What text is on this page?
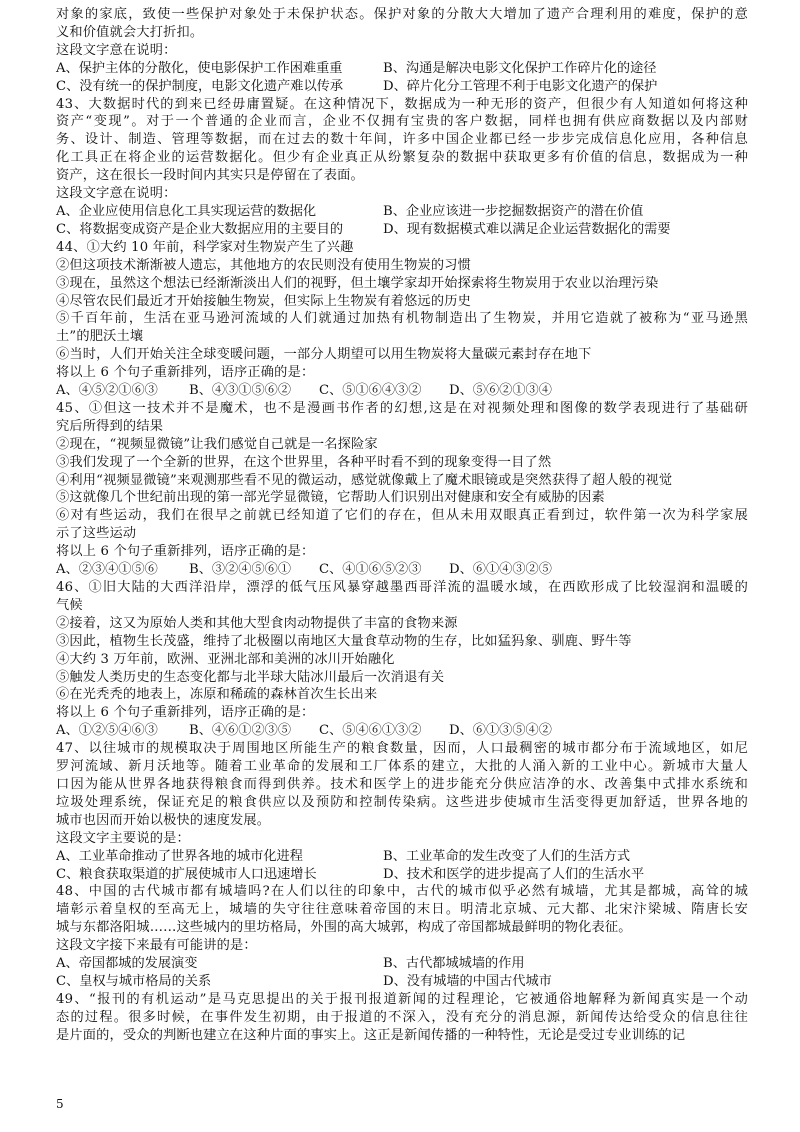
对象的家底，致使一些保护对象处于未保护状态。保护对象的分散大大增加了遗产合理利用的难度，保护的意
义和价值就会大打折扣。
这段文字意在说明：
A、保护主体的分散化，使电影保护工作困难重重	B、沟通是解决电影文化保护工作碎片化的途径
C、没有统一的保护制度，电影文化遗产难以传承	D、碎片化分工管理不利于电影文化遗产的保护
43、大数据时代的到来已经毋庸置疑。在这种情况下，数据成为一种无形的资产，但很少有人知道如何将这种
资产“变现”。对于一个普通的企业而言，企业不仅拥有宝贵的客户数据，同样也拥有供应商数据以及内部财
务、设计、制造、管理等数据，而在过去的数十年间，许多中国企业都已经一步步完成信息化应用，各种信息
化工具正在将企业的运营数据化。但少有企业真正从纷繁复杂的数据中获取更多有价值的信息，数据成为一种
资产，这在很长一段时间内其实只是停留在了表面。
这段文字意在说明：
A、企业应使用信息化工具实现运营的数据化	B、企业应该进一步挖掘数据资产的潜在价值
C、将数据变成资产是企业大数据应用的主要目的	D、现有数据模式难以满足企业运营数据化的需要
44、①大约 10 年前，科学家对生物炭产生了兴趣
②但这项技术渐渐被人遗忘，其他地方的农民则没有使用生物炭的习惯
③现在，虽然这个想法已经渐渐淡出人们的视野，但土壤学家却开始探索将生物炭用于农业以治理污染
④尽管农民们最近才开始接触生物炭，但实际上生物炭有着悠远的历史
⑤千百年前，生活在亚马逊河流域的人们就通过加热有机物制造出了生物炭，并用它造就了被称为“亚马逊黑
土”的肥沃土壤
⑥当时，人们开始关注全球变暖问题，一部分人期望可以用生物炭将大量碳元素封存在地下
将以上 6 个句子重新排列，语序正确的是：
A、④⑤②①⑥③	B、④③①⑤⑥②	C、⑤①⑥④③②	D、⑤⑥②①③④
45、①但这一技术并不是魔术，也不是漫画书作者的幻想,这是在对视频处理和图像的数学表现进行了基础研
究后所得到的结果
②现在，“视频显微镜”让我们感觉自己就是一名探险家
③我们发现了一个全新的世界，在这个世界里，各种平时看不到的现象变得一目了然
④利用“视频显微镜”来观测那些看不见的微运动，感觉就像戴上了魔术眼镜或是突然获得了超人般的视觉
⑤这就像几个世纪前出现的第一部光学显微镜，它帮助人们识别出对健康和安全有威胁的因素
⑥对有些运动，我们在很早之前就已经知道了它们的存在，但从未用双眼真正看到过，软件第一次为科学家展
示了这些运动
将以上 6 个句子重新排列，语序正确的是：
A、②③④①⑤⑥	B、③②④⑤⑥①	C、④①⑥⑤②③	D、⑥①④③②⑤
46、①旧大陆的大西洋沿岸，漂浮的低气压风暴穿越墨西哥洋流的温暖水域，在西欧形成了比较湿润和温暖的
气候
②接着，这又为原始人类和其他大型食肉动物提供了丰富的食物来源
③因此，植物生长茂盛，维持了北极圈以南地区大量食草动物的生存，比如猛犸象、驯鹿、野牛等
④大约 3 万年前，欧洲、亚洲北部和美洲的冰川开始融化
⑤触发人类历史的生态变化都与北半球大陆冰川最后一次消退有关
⑥在光秃秃的地表上，冻原和稀疏的森林首次生长出来
将以上 6 个句子重新排列，语序正确的是：
A、①②⑤④⑥③	B、④⑥①②③⑤	C、⑤④⑥①③②	D、⑥①③⑤④②
47、以往城市的规模取决于周围地区所能生产的粮食数量，因而，人口最稠密的城市都分布于流域地区，如尼
罗河流域、新月沃地等。随着工业革命的发展和工厂体系的建立，大批的人涌入新的工业中心。新城市大量人
口因为能从世界各地获得粮食而得到供养。技术和医学上的进步能充分供应洁净的水、改善集中式排水系统和
垃圾处理系统，保证充足的粮食供应以及预防和控制传染病。这些进步使城市生活变得更加舒适，世界各地的
城市也因而开始以极快的速度发展。
这段文字主要说的是：
A、工业革命推动了世界各地的城市化进程	B、工业革命的发生改变了人们的生活方式
C、粮食获取渠道的扩展使城市人口迅速增长	D、技术和医学的进步提高了人们的生活水平
48、中国的古代城市都有城墙吗?在人们以往的印象中，古代的城市似乎必然有城墙，尤其是都城，高耸的城
墙彰示着皇权的至高无上，城墙的失守往往意味着帝国的末日。明清北京城、元大都、北宋汴梁城、隋唐长安
城与东都洛阳城……这些城内的里坊格局，外围的高大城郭，构成了帝国都城最鲜明的物化表征。
这段文字接下来最有可能讲的是：
A、帝国都城的发展演变	B、古代都城城墙的作用
C、皇权与城市格局的关系	D、没有城墙的中国古代城市
49、“报刊的有机运动”是马克思提出的关于报刊报道新闻的过程理论，它被通俗地解释为新闻真实是一个动
态的过程。很多时候，在事件发生初期，由于报道的不深入，没有充分的消息源，新闻传达给受众的信息往往
是片面的，受众的判断也建立在这种片面的事实上。这正是新闻传播的一种特性，无论是受过专业训练的记
5
